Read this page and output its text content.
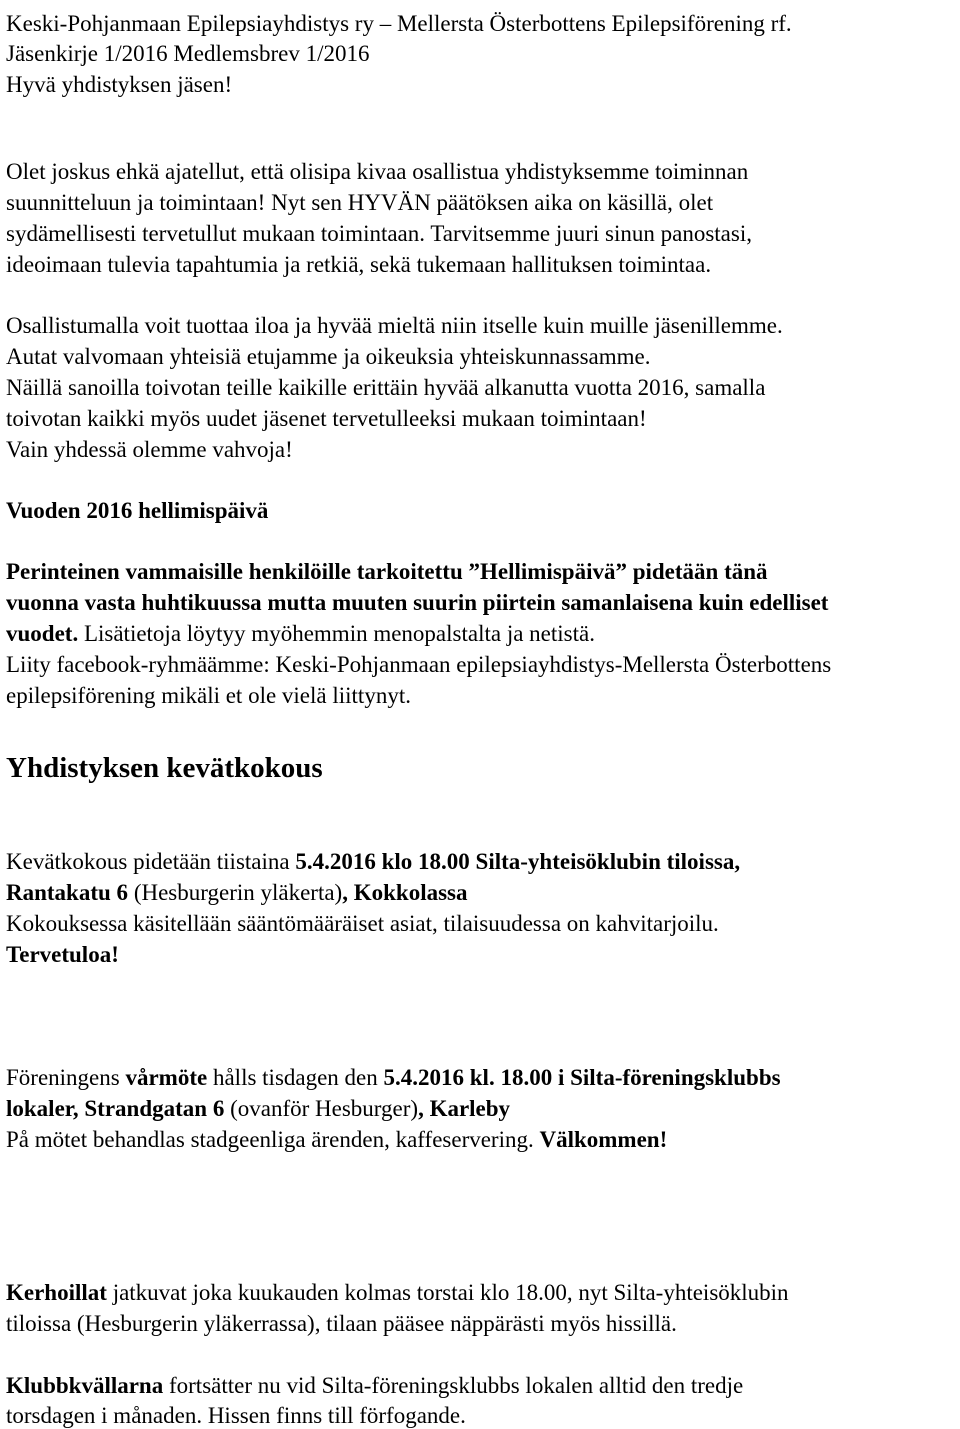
Keski-Pohjanmaan Epilepsiayhdistys ry – Mellersta Österbottens Epilepsiförening rf.
Jäsenkirje 1/2016 Medlemsbrev 1/2016
Hyvä yhdistyksen jäsen!
Olet joskus ehkä ajatellut, että olisipa kivaa osallistua yhdistyksemme toiminnan
suunnitteluun ja toimintaan! Nyt sen HYVÄN päätöksen aika on käsillä, olet
sydämellisesti tervetullut mukaan toimintaan. Tarvitsemme juuri sinun panostasi,
ideoimaan tulevia tapahtumia ja retkiä, sekä tukemaan hallituksen toimintaa.
Osallistumalla voit tuottaa iloa ja hyvää mieltä niin itselle kuin muille jäsenillemme.
Autat valvomaan yhteisiä etujamme ja oikeuksia yhteiskunnassamme.
Näillä sanoilla toivotan teille kaikille erittäin hyvää alkanutta vuotta 2016, samalla
toivotan kaikki myös uudet jäsenet tervetulleeksi mukaan toimintaan!
Vain yhdessä olemme vahvoja!
Vuoden 2016 hellimispäivä
Perinteinen vammaisille henkilöille tarkoitettu ”Hellimispäivä” pidetään tänä
vuonna vasta huhtikuussa mutta muuten suurin piirtein samanlaisena kuin edelliset
vuodet. Lisätietoja löytyy myöhemmin menopalstalta ja netistä.
Liity facebook-ryhmäämme: Keski-Pohjanmaan epilepsiayhdistys-Mellersta Österbottens
epilepsiförening mikäli et ole vielä liittynyt.
Yhdistyksen kevätkokous
Kevätkokous pidetään tiistaina 5.4.2016 klo 18.00 Silta-yhteisöklubin tiloissa,
Rantakatu 6 (Hesburgerin yläkerta), Kokkolassa
Kokouksessa käsitellään sääntömääräiset asiat, tilaisuudessa on kahvitarjoilu.
Tervetuloa!
Föreningens vårmöte hålls tisdagen den 5.4.2016 kl. 18.00 i Silta-föreningsklubbs
lokaler, Strandgatan 6 (ovanför Hesburger), Karleby
På mötet behandlas stadgeenliga ärenden, kaffeservering. Välkommen!
Kerhoillat jatkuvat joka kuukauden kolmas torstai klo 18.00, nyt Silta-yhteisöklubin
tiloissa (Hesburgerin yläkerrassa), tilaan pääsee näppärästi myös hissillä.
Klubbkvällarna fortsätter nu vid Silta-föreningsklubbs lokalen alltid den tredje
torsdagen i månaden. Hissen finns till förfogande.
